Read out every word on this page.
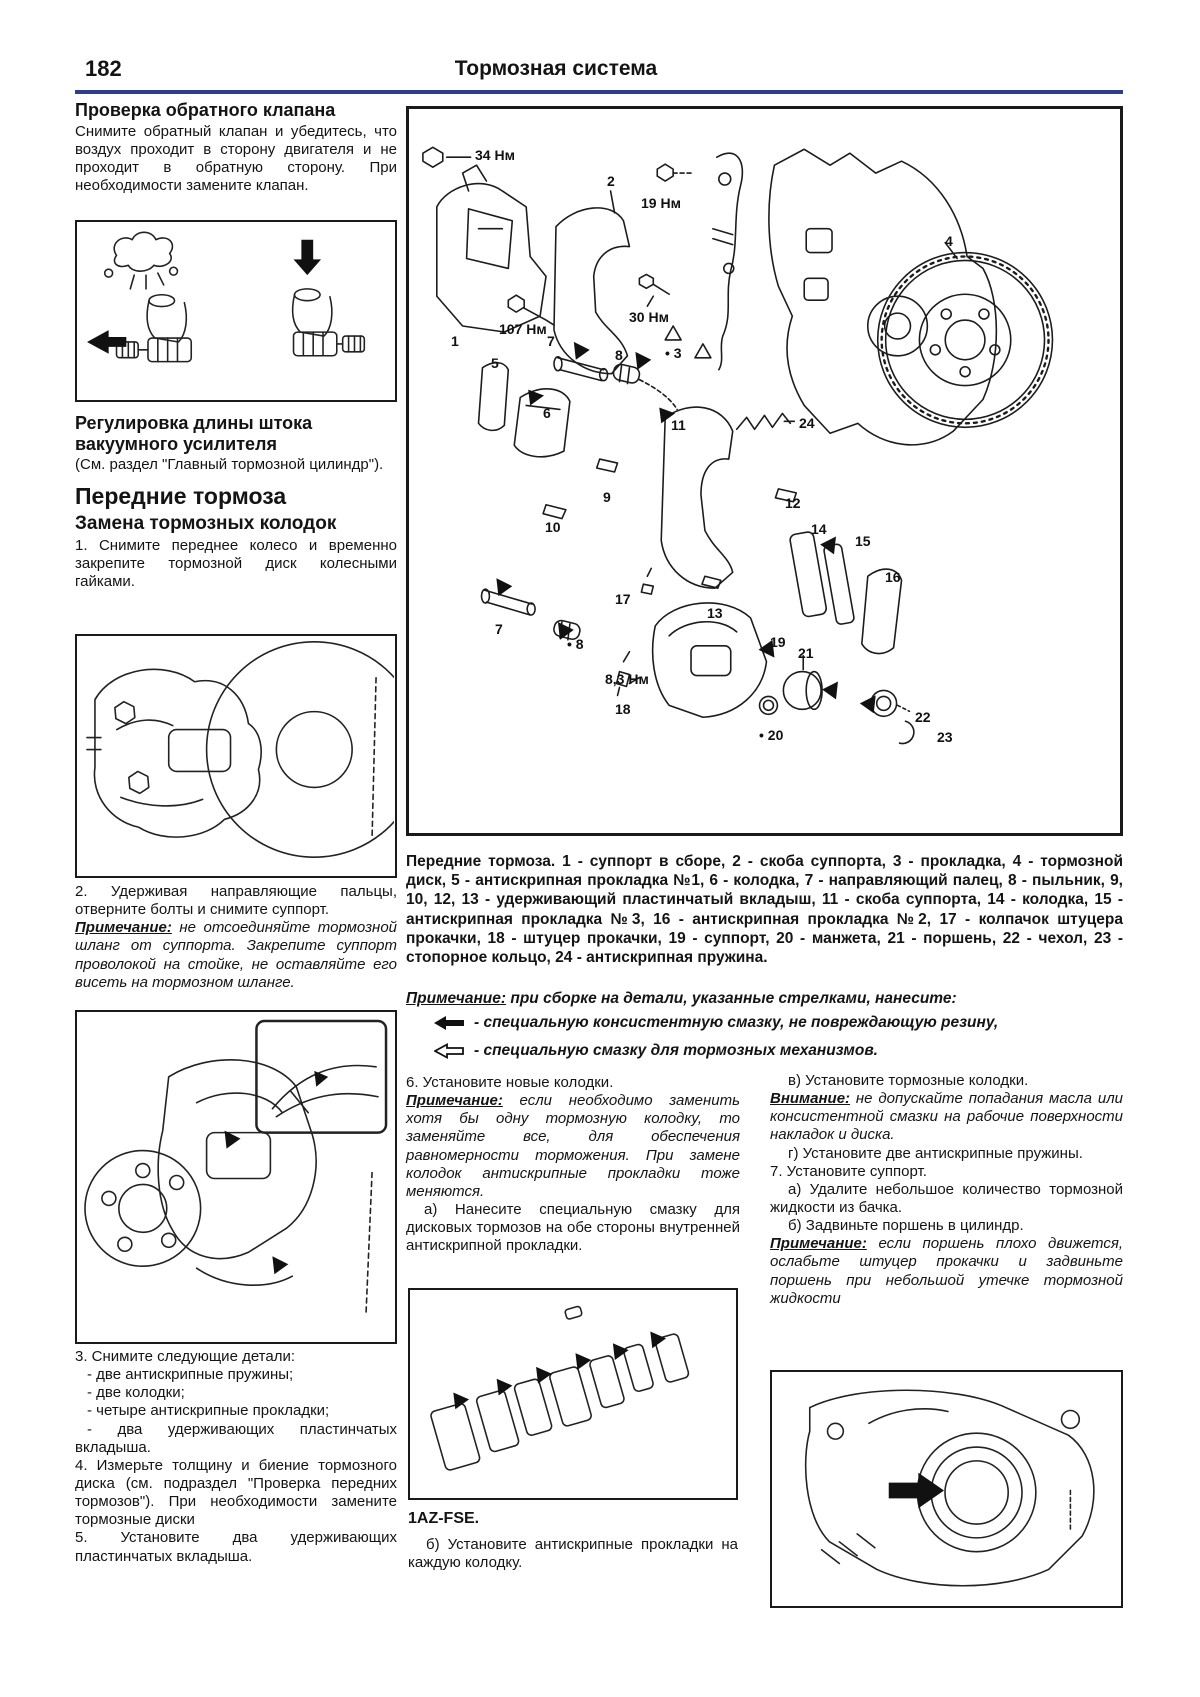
182	Тормозная система

Проверка обратного клапана

Снимите обратный клапан и убедитесь, что воздух проходит в сторону двигателя и не проходит в обратную сторону. При необходимости замените клапан.

Регулировка длины штока вакуумного усилителя

(См. раздел "Главный тормозной цилиндр").

Передние тормоза

Замена тормозных колодок

1. Снимите переднее колесо и временно закрепите тормозной диск колесными гайками.

2. Удерживая направляющие пальцы, отверните болты и снимите суппорт.

Примечание: не отсоединяйте тормозной шланг от суппорта. Закрепите суппорт проволокой на стойке, не оставляйте его висеть на тормозном шланге.

3. Снимите следующие детали:

- две антискрипные пружины;

- две колодки;

- четыре антискрипные прокладки;

- два удерживающих пластинчатых вкладыша.

4. Измерьте толщину и биение тормозного диска (см. подраздел "Проверка передних тормозов"). При необходимости замените тормозные диски

5. Установите два удерживающих пластинчатых вкладыша.

34 Нм
2
19 Нм
4
1
107 Нм
30 Нм
• 3
7
8
5
6
11	24
9	12
10	14
15
16
17
13
7
• 8	19
21
8,3 Нм
18
• 20
22
23

Передние тормоза. 1 - суппорт в сборе, 2 - скоба суппорта, 3 - прокладка, 4 - тормозной диск, 5 - антискрипная прокладка №1, 6 - колодка, 7 - направляющий палец, 8 - пыльник, 9, 10, 12, 13 - удерживающий пластинчатый вкладыш, 11 - скоба суппорта, 14 - колодка, 15 - антискрипная прокладка №3, 16 - антискрипная прокладка №2, 17 - колпачок штуцера прокачки, 18 - штуцер прокачки, 19 - суппорт, 20 - манжета, 21 - поршень, 22 - чехол, 23 - стопорное кольцо, 24 - антискрипная пружина.

Примечание: при сборке на детали, указанные стрелками, нанесите:

- специальную консистентную смазку, не повреждающую резину,
- специальную смазку для тормозных механизмов.

6. Установите новые колодки.

Примечание: если необходимо заменить хотя бы одну тормозную колодку, то заменяйте все, для обеспечения равномерности торможения. При замене колодок антискрипные прокладки тоже меняются.

а) Нанесите специальную смазку для дисковых тормозов на обе стороны внутренней антискрипной прокладки.

1AZ-FSE.

б) Установите антискрипные прокладки на каждую колодку.

в) Установите тормозные колодки.

Внимание: не допускайте попадания масла или консистентной смазки на рабочие поверхности накладок и диска.

г) Установите две антискрипные пружины.

7. Установите суппорт.

а) Удалите небольшое количество тормозной жидкости из бачка.

б) Задвиньте поршень в цилиндр.

Примечание: если поршень плохо движется, ослабьте штуцер прокачки и задвиньте поршень при небольшой утечке тормозной жидкости
